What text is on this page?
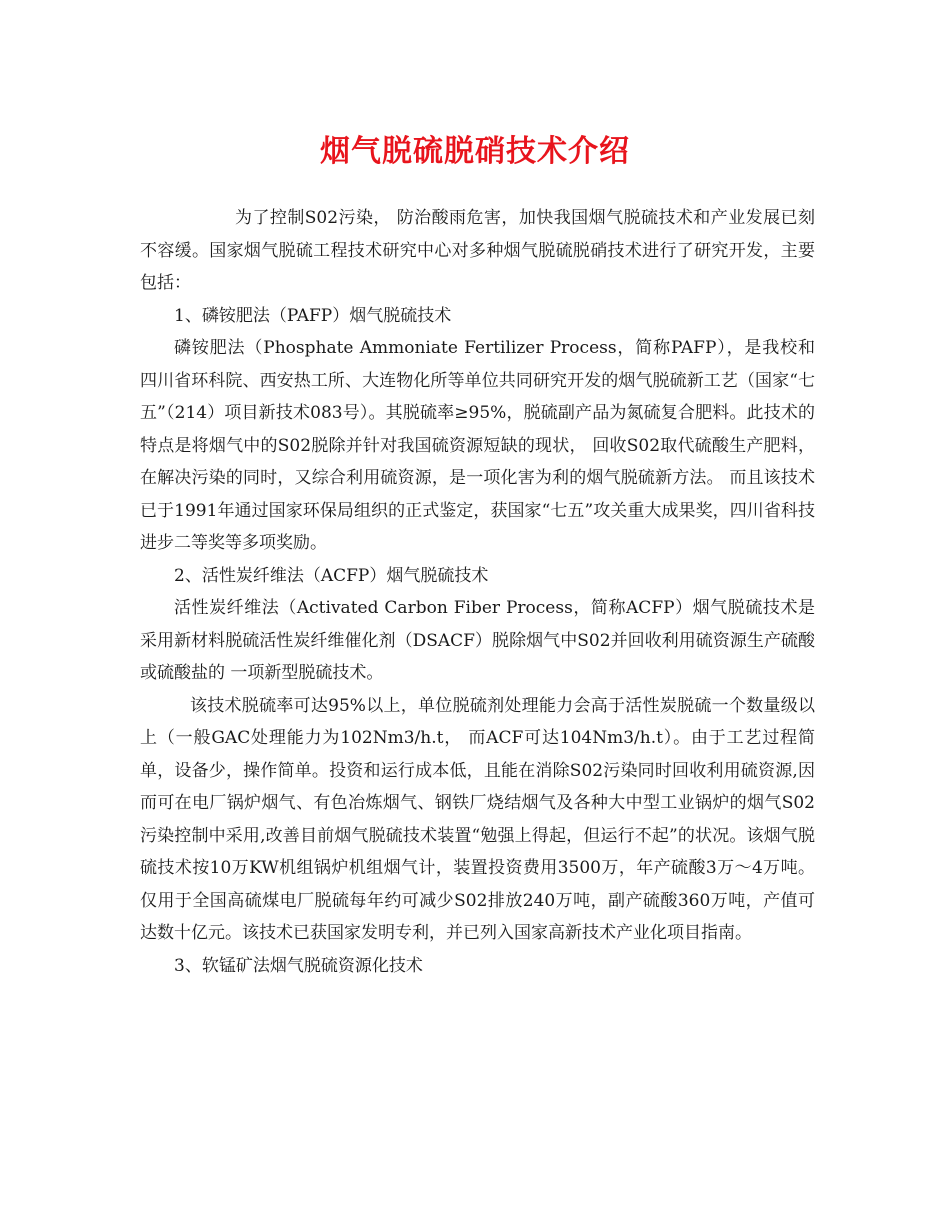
烟气脱硫脱硝技术介绍

为了控制S02污染， 防治酸雨危害，加快我国烟气脱硫技术和产业发展已刻不容缓。国家烟气脱硫工程技术研究中心对多种烟气脱硫脱硝技术进行了研究开发，主要包括：

1、磷铵肥法（PAFP）烟气脱硫技术

磷铵肥法（Phosphate Ammoniate Fertilizer Process，简称PAFP），是我校和四川省环科院、西安热工所、大连物化所等单位共同研究开发的烟气脱硫新工艺（国家“七五”（214）项目新技术083号）。其脱硫率≥95%，脱硫副产品为氮硫复合肥料。此技术的特点是将烟气中的S02脱除并针对我国硫资源短缺的现状， 回收S02取代硫酸生产肥料，在解决污染的同时，又综合利用硫资源，是一项化害为利的烟气脱硫新方法。 而且该技术已于1991年通过国家环保局组织的正式鉴定，获国家“七五”攻关重大成果奖，四川省科技进步二等奖等多项奖励。

2、活性炭纤维法（ACFP）烟气脱硫技术

活性炭纤维法（Activated Carbon Fiber Process，简称ACFP）烟气脱硫技术是采用新材料脱硫活性炭纤维催化剂（DSACF）脱除烟气中S02并回收利用硫资源生产硫酸或硫酸盐的 一项新型脱硫技术。

该技术脱硫率可达95%以上，单位脱硫剂处理能力会高于活性炭脱硫一个数量级以上（一般GAC处理能力为102Nm3/h.t， 而ACF可达104Nm3/h.t）。由于工艺过程简单，设备少，操作简单。投资和运行成本低，且能在消除S02污染同时回收利用硫资源,因而可在电厂锅炉烟气、有色冶炼烟气、钢铁厂烧结烟气及各种大中型工业锅炉的烟气S02污染控制中采用,改善目前烟气脱硫技术装置“勉强上得起，但运行不起”的状况。该烟气脱硫技术按10万KW机组锅炉机组烟气计，装置投资费用3500万，年产硫酸3万～4万吨。仅用于全国高硫煤电厂脱硫每年约可减少S02排放240万吨，副产硫酸360万吨，产值可达数十亿元。该技术已获国家发明专利，并已列入国家高新技术产业化项目指南。

3、软锰矿法烟气脱硫资源化技术
